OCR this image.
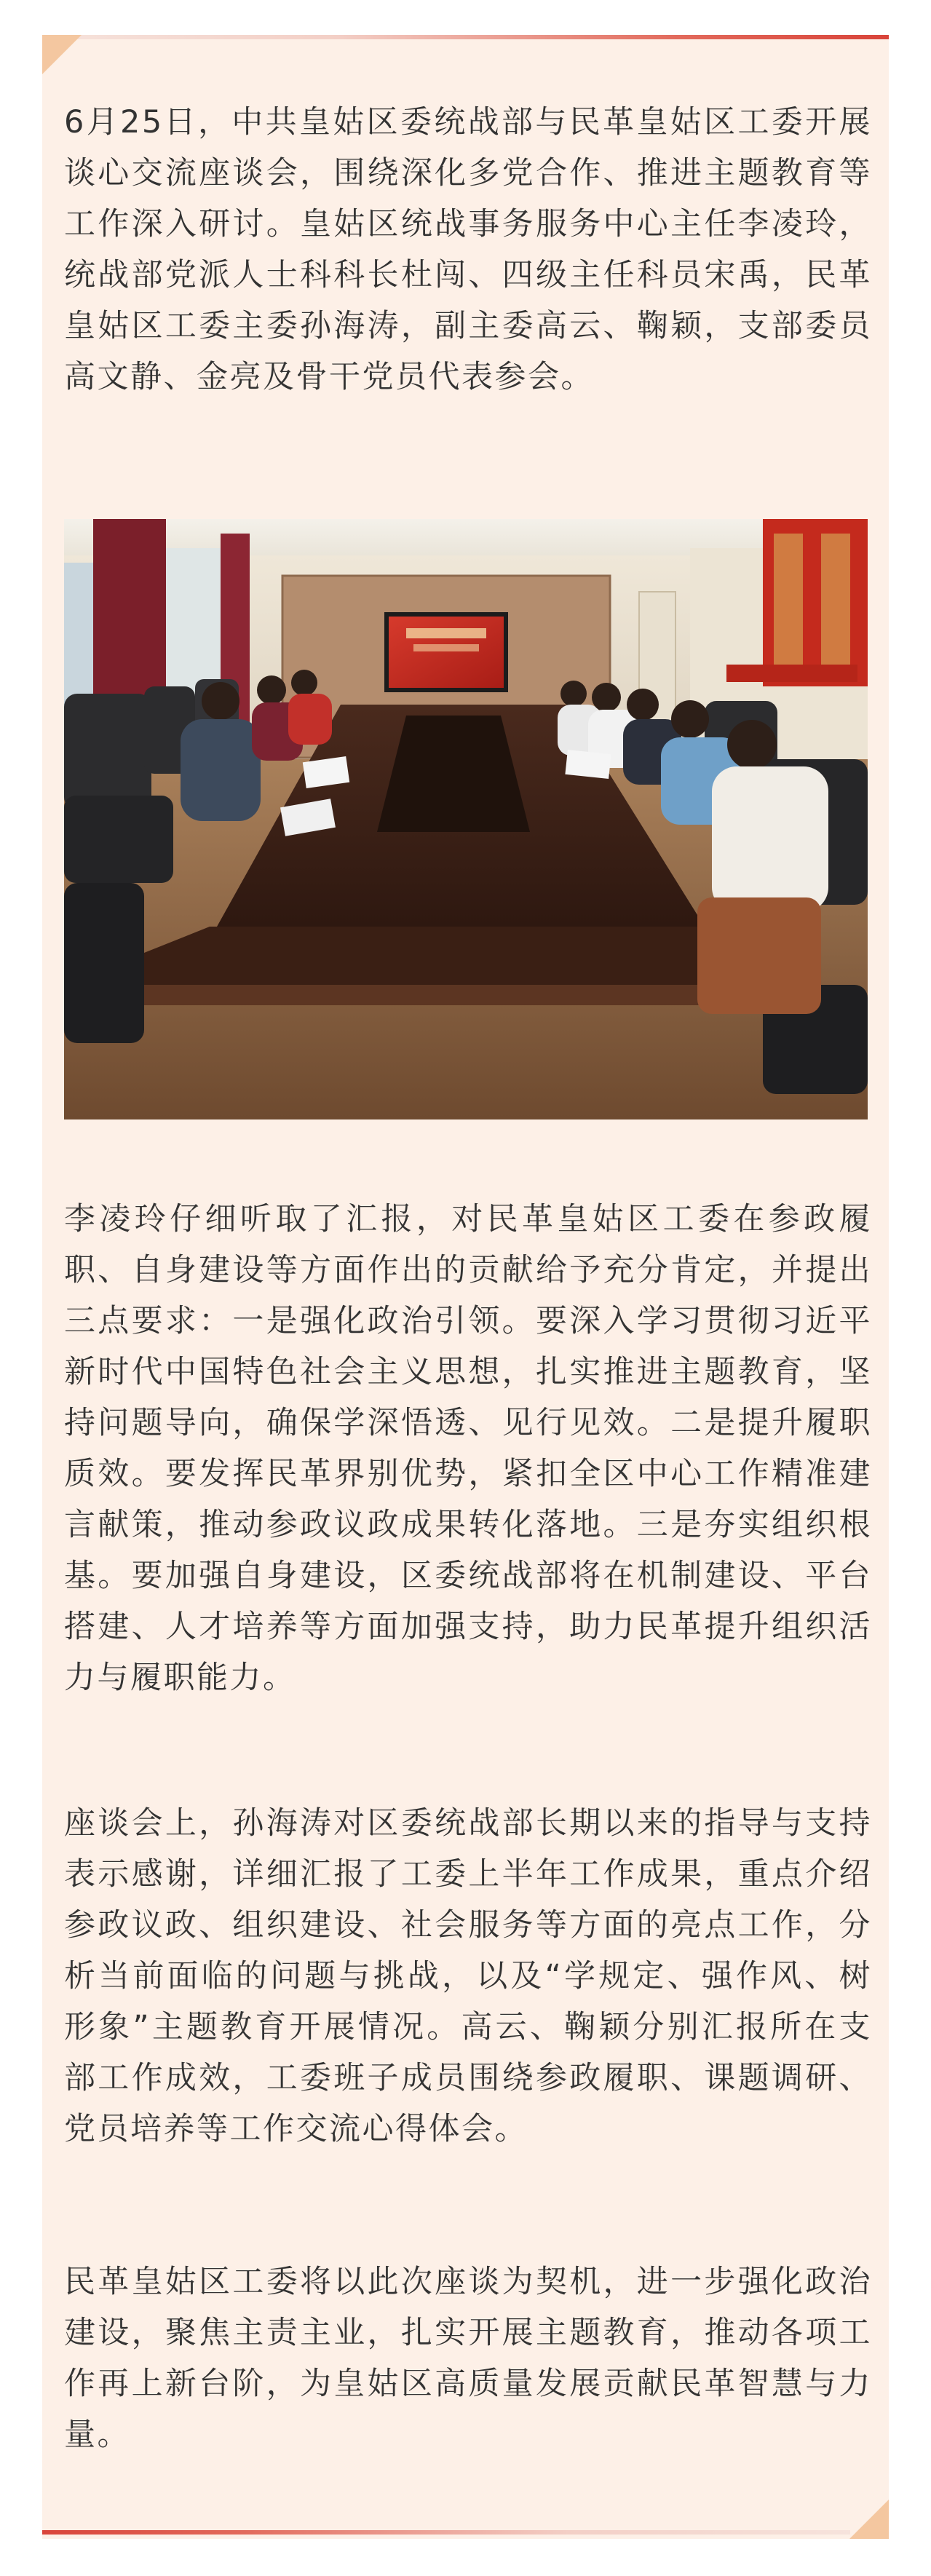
6月25日，中共皇姑区委统战部与民革皇姑区工委开展谈心交流座谈会，围绕深化多党合作、推进主题教育等工作深入研讨。皇姑区统战事务服务中心主任李凌玲，统战部党派人士科科长杜闯、四级主任科员宋禹，民革皇姑区工委主委孙海涛，副主委高云、鞠颖，支部委员高文静、金亮及骨干党员代表参会。

李凌玲仔细听取了汇报，对民革皇姑区工委在参政履职、自身建设等方面作出的贡献给予充分肯定，并提出三点要求：一是强化政治引领。要深入学习贯彻习近平新时代中国特色社会主义思想，扎实推进主题教育，坚持问题导向，确保学深悟透、见行见效。二是提升履职质效。要发挥民革界别优势，紧扣全区中心工作精准建言献策，推动参政议政成果转化落地。三是夯实组织根基。要加强自身建设，区委统战部将在机制建设、平台搭建、人才培养等方面加强支持，助力民革提升组织活力与履职能力。

座谈会上，孙海涛对区委统战部长期以来的指导与支持表示感谢，详细汇报了工委上半年工作成果，重点介绍参政议政、组织建设、社会服务等方面的亮点工作，分析当前面临的问题与挑战，以及“学规定、强作风、树形象”主题教育开展情况。高云、鞠颖分别汇报所在支部工作成效，工委班子成员围绕参政履职、课题调研、党员培养等工作交流心得体会。

民革皇姑区工委将以此次座谈为契机，进一步强化政治建设，聚焦主责主业，扎实开展主题教育，推动各项工作再上新台阶，为皇姑区高质量发展贡献民革智慧与力量。
